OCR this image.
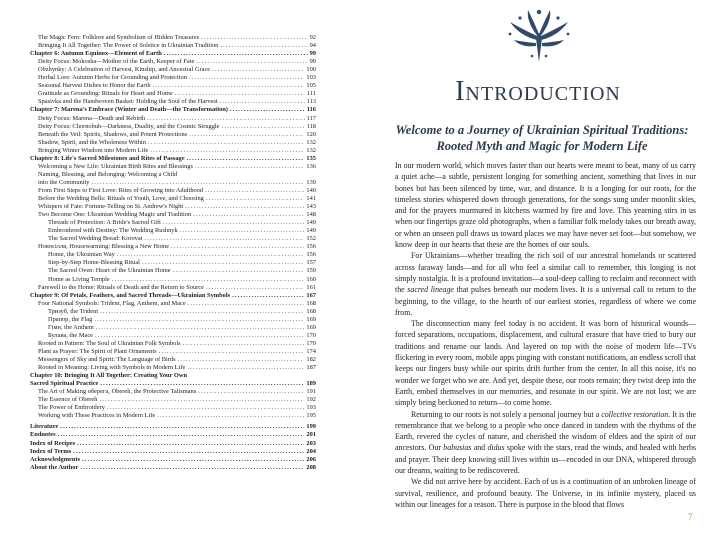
The Magic Fern: Folklore and Symbolism of Hidden Treasures . . .	92
Bringing It All Together: The Power of Solstice in Ukrainian Tradition . . .	94
Chapter 6: Autumn Equinox—Element of Earth . . .	99
Deity Focus: Mokosha—Mother of the Earth, Keeper of Fate . . .	99
Obzhynky: A Celebration of Harvest, Kinship, and Ancestral Grace . . .	100
Herbal Lore: Autumn Herbs for Grounding and Protection . . .	103
Seasonal Harvest Dishes to Honor the Earth . . .	105
Gratitude as Grounding: Rituals for Heart and Home . . .	111
Spasivka and the Handwoven Basket: Holding the Soul of the Harvest . . .	113
Chapter 7: Marena's Embrace (Winter and Death—the Transformation) . . .	116
Deity Focus: Marena—Death and Rebirth . . .	117
Deity Focus: Chornobuh—Darkness, Duality, and the Cosmic Struggle . . .	118
Beneath the Veil: Spirits, Shadows, and Potent Protections . . .	120
Shadow, Spirit, and the Wholeness Within . . .	132
Bringing Winter Wisdom into Modern Life . . .	132
Chapter 8: Life's Sacred Milestones and Rites of Passage . . .	135
Welcoming a New Life: Ukrainian Birth Rites and Blessings . . .	136
Naming, Blessing, and Belonging: Welcoming a Child
into the Community . . .	139
From First Steps to First Love: Rites of Growing into Adulthood . . .	140
Before the Wedding Bells: Rituals of Youth, Love, and Choosing . . .	141
Whispers of Fate: Fortune-Telling on St. Andrew's Night . . .	143
Two Become One: Ukrainian Wedding Magic and Tradition . . .	148
Threads of Protection: A Bride's Sacred Gift . . .	149
Embroidered with Destiny: The Wedding Rushnyk . . .	149
The Sacred Wedding Bread: Korovai . . .	152
Новосілля, Housewarming: Blessing a New Home . . .	156
Home, the Ukrainian Way . . .	156
Step-by-Step Home-Blessing Ritual . . .	157
The Sacred Oven: Heart of the Ukrainian Home . . .	159
Home as Living Temple . . .	160
Farewell to the Home: Rituals of Death and the Return to Source . . .	161
Chapter 9: Of Petals, Feathers, and Sacred Threads—Ukrainian Symbols . . .	167
Four National Symbols: Trident, Flag, Anthem, and Mace . . .	168
Тризуб, the Trident . . .	168
Прапор, the Flag . . .	169
Гімн, the Anthem . . .	169
Булава, the Mace . . .	170
Rooted in Pattern: The Soul of Ukrainian Folk Symbols . . .	170
Plant as Prayer: The Spirit of Plant Ornaments . . .	174
Messengers of Sky and Spirit: The Language of Birds . . .	182
Rooted in Meaning: Living with Symbols in Modern Life . . .	187
Chapter 10: Bringing It All Together: Creating Your Own
Sacred Spiritual Practice . . .	189
The Art of Making оберега, Obereh, the Protective Talismans . . .	191
The Essence of Obereh . . .	192
The Power of Embroidery . . .	193
Working with These Practices in Modern Life . . .	195
Literature . . .	199
Endnotes . . .	201
Index of Recipes . . .	203
Index of Terms . . .	204
Acknowledgments . . .	206
About the Author . . .	208
Introduction
Welcome to a Journey of Ukrainian Spiritual Traditions: Rooted Myth and Magic for Modern Life

In our modern world, which moves faster than our hearts were meant to beat, many of us carry a quiet ache—a subtle, persistent longing for something ancient, something that lives in our bones but has been silenced by time, war, and distance. It is a longing for our roots, for the timeless stories whispered down through generations, for the songs sung under moonlit skies, and for the prayers murmured in kitchens warmed by fire and love. This yearning stirs in us when our fingertips graze old photographs, when a familiar folk melody takes our breath away, or when an unseen pull draws us toward places we may have never set foot—but somehow, we know deep in our hearts that these are the homes of our souls.

For Ukrainians—whether treading the rich soil of our ancestral homelands or scattered across faraway lands—and for all who feel a similar call to remember, this longing is not simply nostalgia. It is a profound invitation—a soul-deep calling to reclaim and reconnect with the sacred lineage that pulses beneath our modern lives. It is a universal call to return to the beginning, to the village, to the hearth of our earliest stories, regardless of where we come from.

The disconnection many feel today is no accident. It was born of historical wounds—forced separations, occupations, displacement, and cultural erasure that have tried to bury our traditions and rename our lands. And layered on top with the noise of modern life—TVs flickering in every room, mobile apps pinging with constant notifications, an endless scroll that keeps our fingers busy while our spirits drift further from the center. In all this noise, it's no wonder we forget who we are. And yet, despite these, our roots remain; they twist deep into the Earth, embed themselves in our memories, and resonate in our spirit. We are not lost; we are simply being beckoned to return—to come home.

Returning to our roots is not solely a personal journey but a collective restoration. It is the remembrance that we belong to a people who once danced in tandem with the rhythms of the Earth, revered the cycles of nature, and cherished the wisdom of elders and the spirit of our ancestors. Our babusias and didus spoke with the stars, read the winds, and healed with herbs and prayer. Their deep knowing still lives within us—encoded in our DNA, whispered through our dreams, waiting to be rediscovered.

We did not arrive here by accident. Each of us is a continuation of an unbroken lineage of survival, resilience, and profound beauty. The Universe, in its infinite mystery, placed us within our lineages for a reason. There is purpose in the blood that flows

7
